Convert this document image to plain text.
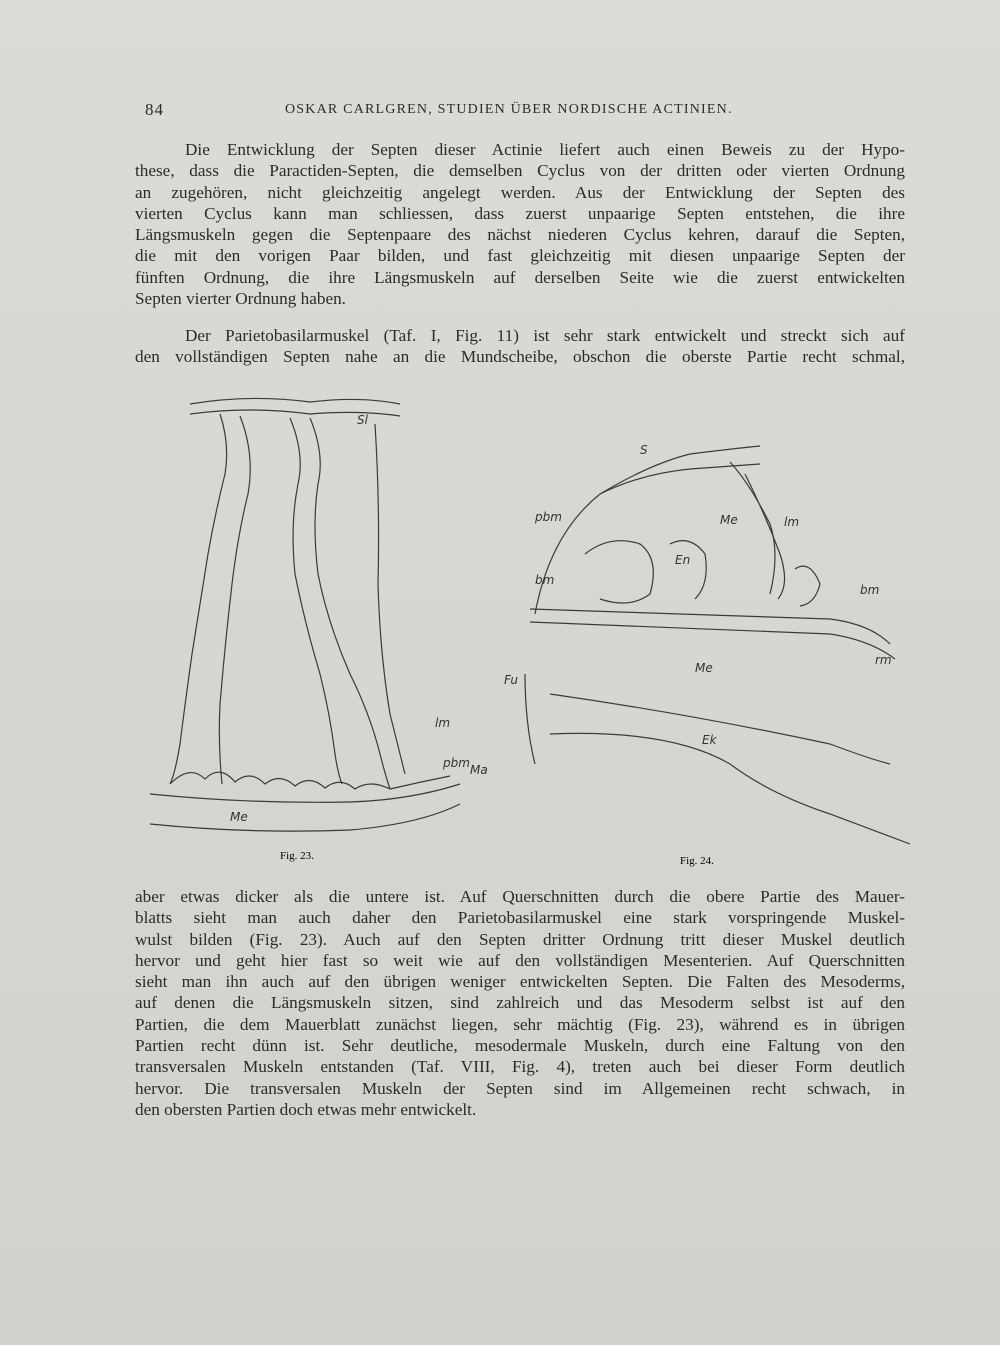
84	OSKAR CARLGREN, STUDIEN ÜBER NORDISCHE ACTINIEN.
Die Entwicklung der Septen dieser Actinie liefert auch einen Beweis zu der Hypo-
these, dass die Paractiden-Septen, die demselben Cyclus von der dritten oder vierten Ordnung
an zugehören, nicht gleichzeitig angelegt werden. Aus der Entwicklung der Septen des
vierten Cyclus kann man schliessen, dass zuerst unpaarige Septen entstehen, die ihre
Längsmuskeln gegen die Septenpaare des nächst niederen Cyclus kehren, darauf die Septen,
die mit den vorigen Paar bilden, und fast gleichzeitig mit diesen unpaarige Septen der
fünften Ordnung, die ihre Längsmuskeln auf derselben Seite wie die zuerst entwickelten
Septen vierter Ordnung haben.
Der Parietobasilarmuskel (Taf. I, Fig. 11) ist sehr stark entwickelt und streckt sich auf
den vollständigen Septen nahe an die Mundscheibe, obschon die oberste Partie recht schmal,
Sl
lm
pbm Ma
Me
Fig. 23.
S
pbm	Me	lm
En
bm
bm
rm
Me
Fu
Ek
Fig. 24.
aber etwas dicker als die untere ist. Auf Querschnitten durch die obere Partie des Mauer-
blatts sieht man auch daher den Parietobasilarmuskel eine stark vorspringende Muskel-
wulst bilden (Fig. 23). Auch auf den Septen dritter Ordnung tritt dieser Muskel deutlich
hervor und geht hier fast so weit wie auf den vollständigen Mesenterien. Auf Querschnitten
sieht man ihn auch auf den übrigen weniger entwickelten Septen. Die Falten des Mesoderms,
auf denen die Längsmuskeln sitzen, sind zahlreich und das Mesoderm selbst ist auf den
Partien, die dem Mauerblatt zunächst liegen, sehr mächtig (Fig. 23), während es in übrigen
Partien recht dünn ist. Sehr deutliche, mesodermale Muskeln, durch eine Faltung von den
transversalen Muskeln entstanden (Taf. VIII, Fig. 4), treten auch bei dieser Form deutlich
hervor. Die transversalen Muskeln der Septen sind im Allgemeinen recht schwach, in
den obersten Partien doch etwas mehr entwickelt.
